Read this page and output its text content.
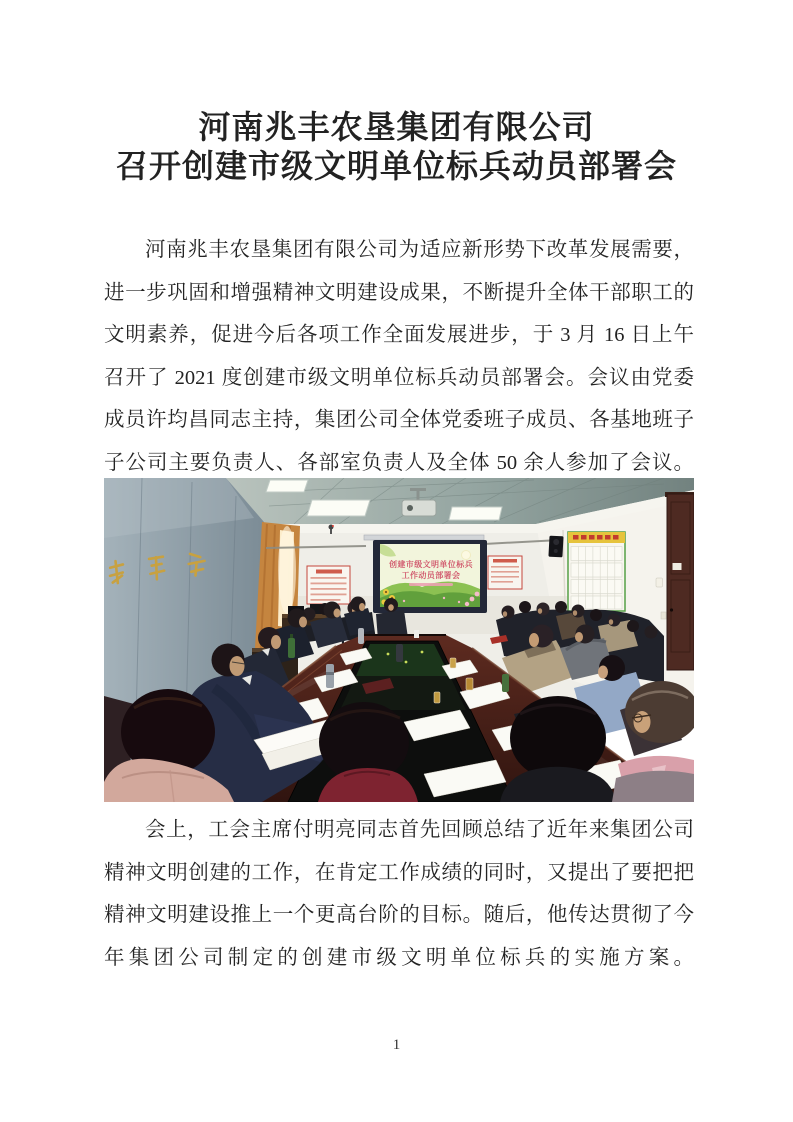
河南兆丰农垦集团有限公司
召开创建市级文明单位标兵动员部署会
河南兆丰农垦集团有限公司为适应新形势下改革发展需要，
进一步巩固和增强精神文明建设成果，不断提升全体干部职工的
文明素养，促进今后各项工作全面发展进步，于 3 月 16 日上午
召开了 2021 度创建市级文明单位标兵动员部署会。会议由党委
成员许均昌同志主持，集团公司全体党委班子成员、各基地班子
子公司主要负责人、各部室负责人及全体 50 余人参加了会议。
创建市级文明单位标兵
工作动员部署会
会上，工会主席付明亮同志首先回顾总结了近年来集团公司
精神文明创建的工作，在肯定工作成绩的同时，又提出了要把把
精神文明建设推上一个更高台阶的目标。随后，他传达贯彻了今
年集团公司制定的创建市级文明单位标兵的实施方案。
1
